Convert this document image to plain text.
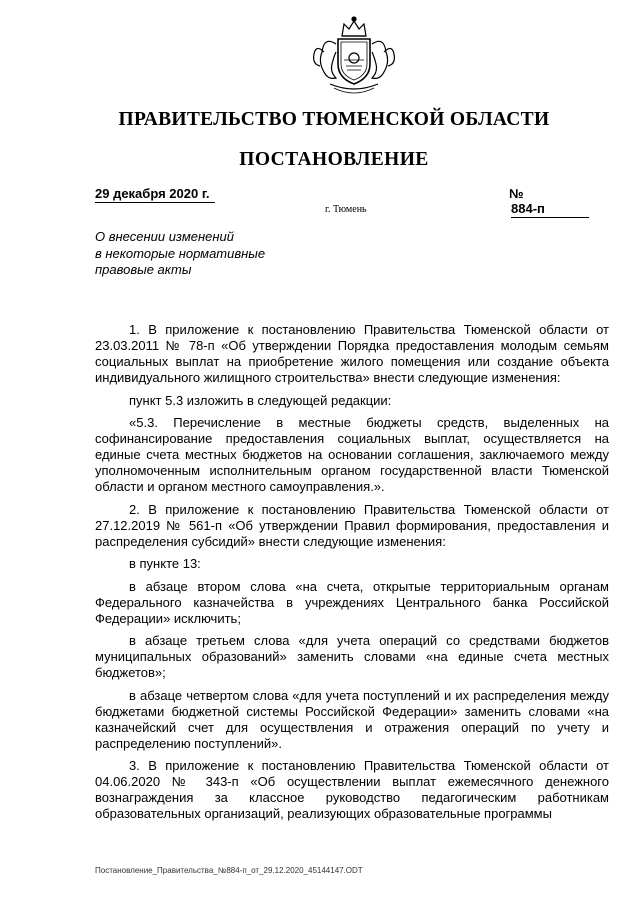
ПРАВИТЕЛЬСТВО ТЮМЕНСКОЙ ОБЛАСТИ
ПОСТАНОВЛЕНИЕ
29 декабря 2020 г.	№ 884-п
г. Тюмень
О внесении изменений
в некоторые нормативные
правовые акты

1. В приложение к постановлению Правительства Тюменской области от 23.03.2011 № 78-п «Об утверждении Порядка предоставления молодым семьям социальных выплат на приобретение жилого помещения или создание объекта индивидуального жилищного строительства» внести следующие изменения:

пункт 5.3 изложить в следующей редакции:

«5.3. Перечисление в местные бюджеты средств, выделенных на софинансирование предоставления социальных выплат, осуществляется на единые счета местных бюджетов на основании соглашения, заключаемого между уполномоченным исполнительным органом государственной власти Тюменской области и органом местного самоуправления.».

2. В приложение к постановлению Правительства Тюменской области от 27.12.2019 № 561-п «Об утверждении Правил формирования, предоставления и распределения субсидий» внести следующие изменения:

в пункте 13:

в абзаце втором слова «на счета, открытые территориальным органам Федерального казначейства в учреждениях Центрального банка Российской Федерации» исключить;

в абзаце третьем слова «для учета операций со средствами бюджетов муниципальных образований» заменить словами «на единые счета местных бюджетов»;

в абзаце четвертом слова «для учета поступлений и их распределения между бюджетами бюджетной системы Российской Федерации» заменить словами «на казначейский счет для осуществления и отражения операций по учету и распределению поступлений».

3. В приложение к постановлению Правительства Тюменской области от 04.06.2020 № 343-п «Об осуществлении выплат ежемесячного денежного вознаграждения за классное руководство педагогическим работникам образовательных организаций, реализующих образовательные программы

Постановление_Правительства_№884-п_от_29.12.2020_45144147.ODT
